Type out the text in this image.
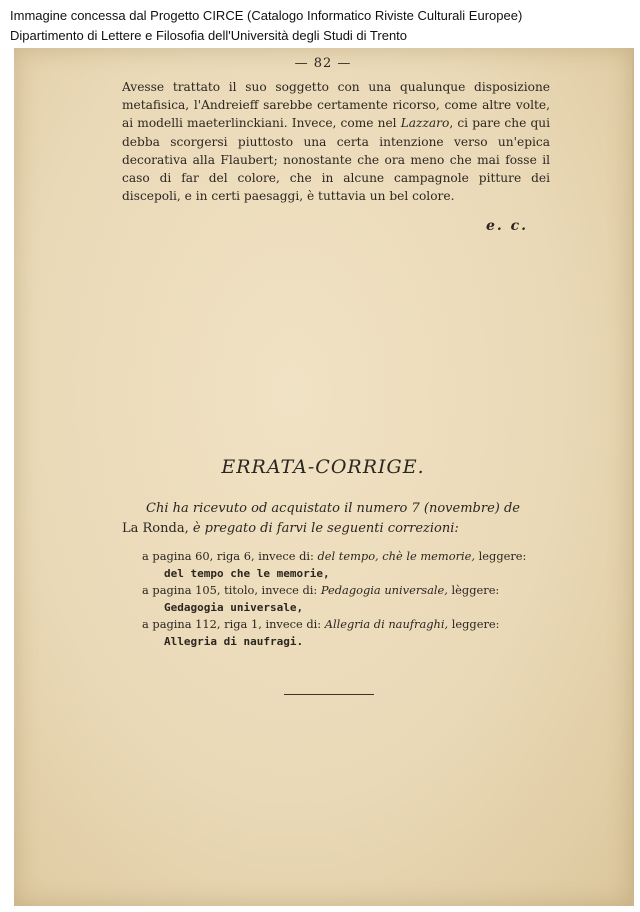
Immagine concessa dal Progetto CIRCE (Catalogo Informatico Riviste Culturali Europee)
Dipartimento di Lettere e Filosofia dell'Università degli Studi di Trento
— 82 —
Avesse trattato il suo soggetto con una qualunque disposizione metafisica, l'Andreieff sarebbe certamente ricorso, come altre volte, ai modelli maeterlinckiani. Invece, come nel Lazzaro, ci pare che qui debba scorgersi piuttosto una certa intenzione verso un'epica decorativa alla Flaubert; nonostante che ora meno che mai fosse il caso di far del colore, che in alcune campagnole pitture dei discepoli, e in certi paesaggi, è tuttavia un bel colore.
e. c.
ERRATA-CORRIGE.
Chi ha ricevuto od acquistato il numero 7 (novembre) de
La Ronda, è pregato di farvi le seguenti correzioni:

a pagina 60, riga 6, invece di: del tempo, chè le memorie, leggere: del tempo che le memorie,

a pagina 105, titolo, invece di: Pedagogia universale, lèggere: Gedagogia universale,

a pagina 112, riga 1, invece di: Allegria di naufraghi, leggere: Allegria di naufragi.
